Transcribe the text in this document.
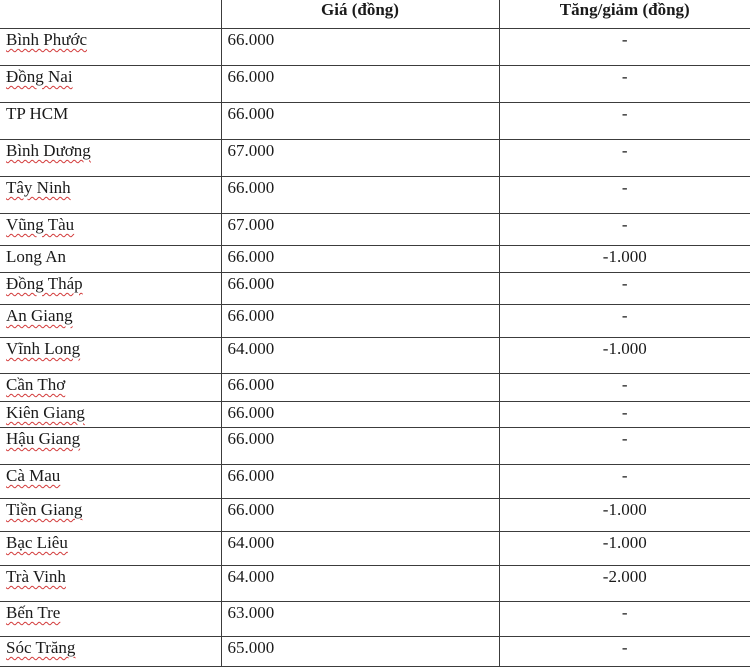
	Giá (đồng)	Tăng/giảm (đồng)
Bình Phước	66.000	-
Đồng Nai	66.000	-
TP HCM	66.000	-
Bình Dương	67.000	-
Tây Ninh	66.000	-
Vũng Tàu	67.000	-
Long An	66.000	-1.000
Đồng Tháp	66.000	-
An Giang	66.000	-
Vĩnh Long	64.000	-1.000
Cần Thơ	66.000	-
Kiên Giang	66.000	-
Hậu Giang	66.000	-
Cà Mau	66.000	-
Tiền Giang	66.000	-1.000
Bạc Liêu	64.000	-1.000
Trà Vinh	64.000	-2.000
Bến Tre	63.000	-
Sóc Trăng	65.000	-
